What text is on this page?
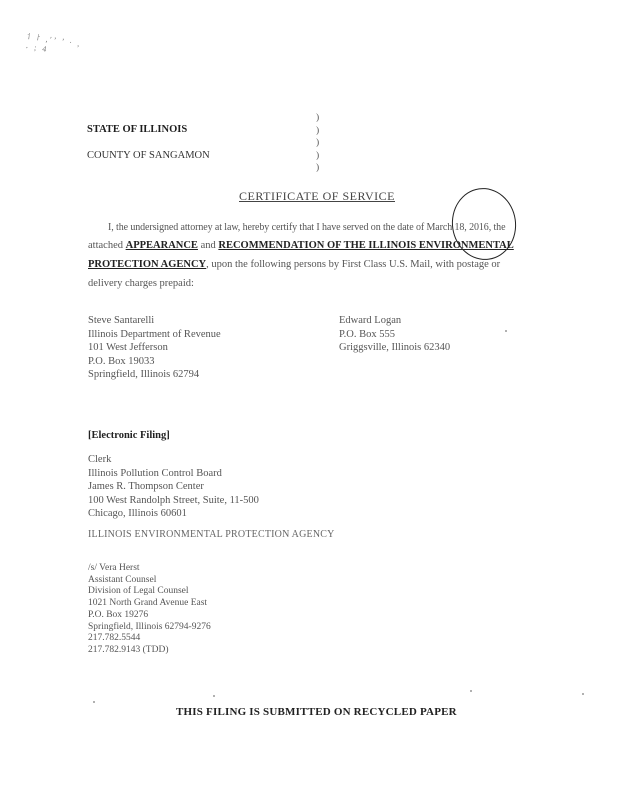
⸶ ⸷ ,′’ ’ ∙ , ˖ ; 4
STATE OF ILLINOIS
COUNTY OF SANGAMON
)
)
)
)
)
CERTIFICATE OF SERVICE
I, the undersigned attorney at law, hereby certify that I have served on the date of March 18, 2016, the
attached APPEARANCE and RECOMMENDATION OF THE ILLINOIS ENVIRONMENTAL
PROTECTION AGENCY, upon the following persons by First Class U.S. Mail, with postage or
delivery charges prepaid:
Steve Santarelli
Illinois Department of Revenue
101 West Jefferson
P.O. Box 19033
Springfield, Illinois 62794
Edward Logan
P.O. Box 555
Griggsville, Illinois 62340
[Electronic Filing]
Clerk
Illinois Pollution Control Board
James R. Thompson Center
100 West Randolph Street, Suite, 11-500
Chicago, Illinois 60601
ILLINOIS ENVIRONMENTAL PROTECTION AGENCY
/s/ Vera Herst
Assistant Counsel
Division of Legal Counsel
1021 North Grand Avenue East
P.O. Box 19276
Springfield, Illinois 62794-9276
217.782.5544
217.782.9143 (TDD)
THIS FILING IS SUBMITTED ON RECYCLED PAPER
